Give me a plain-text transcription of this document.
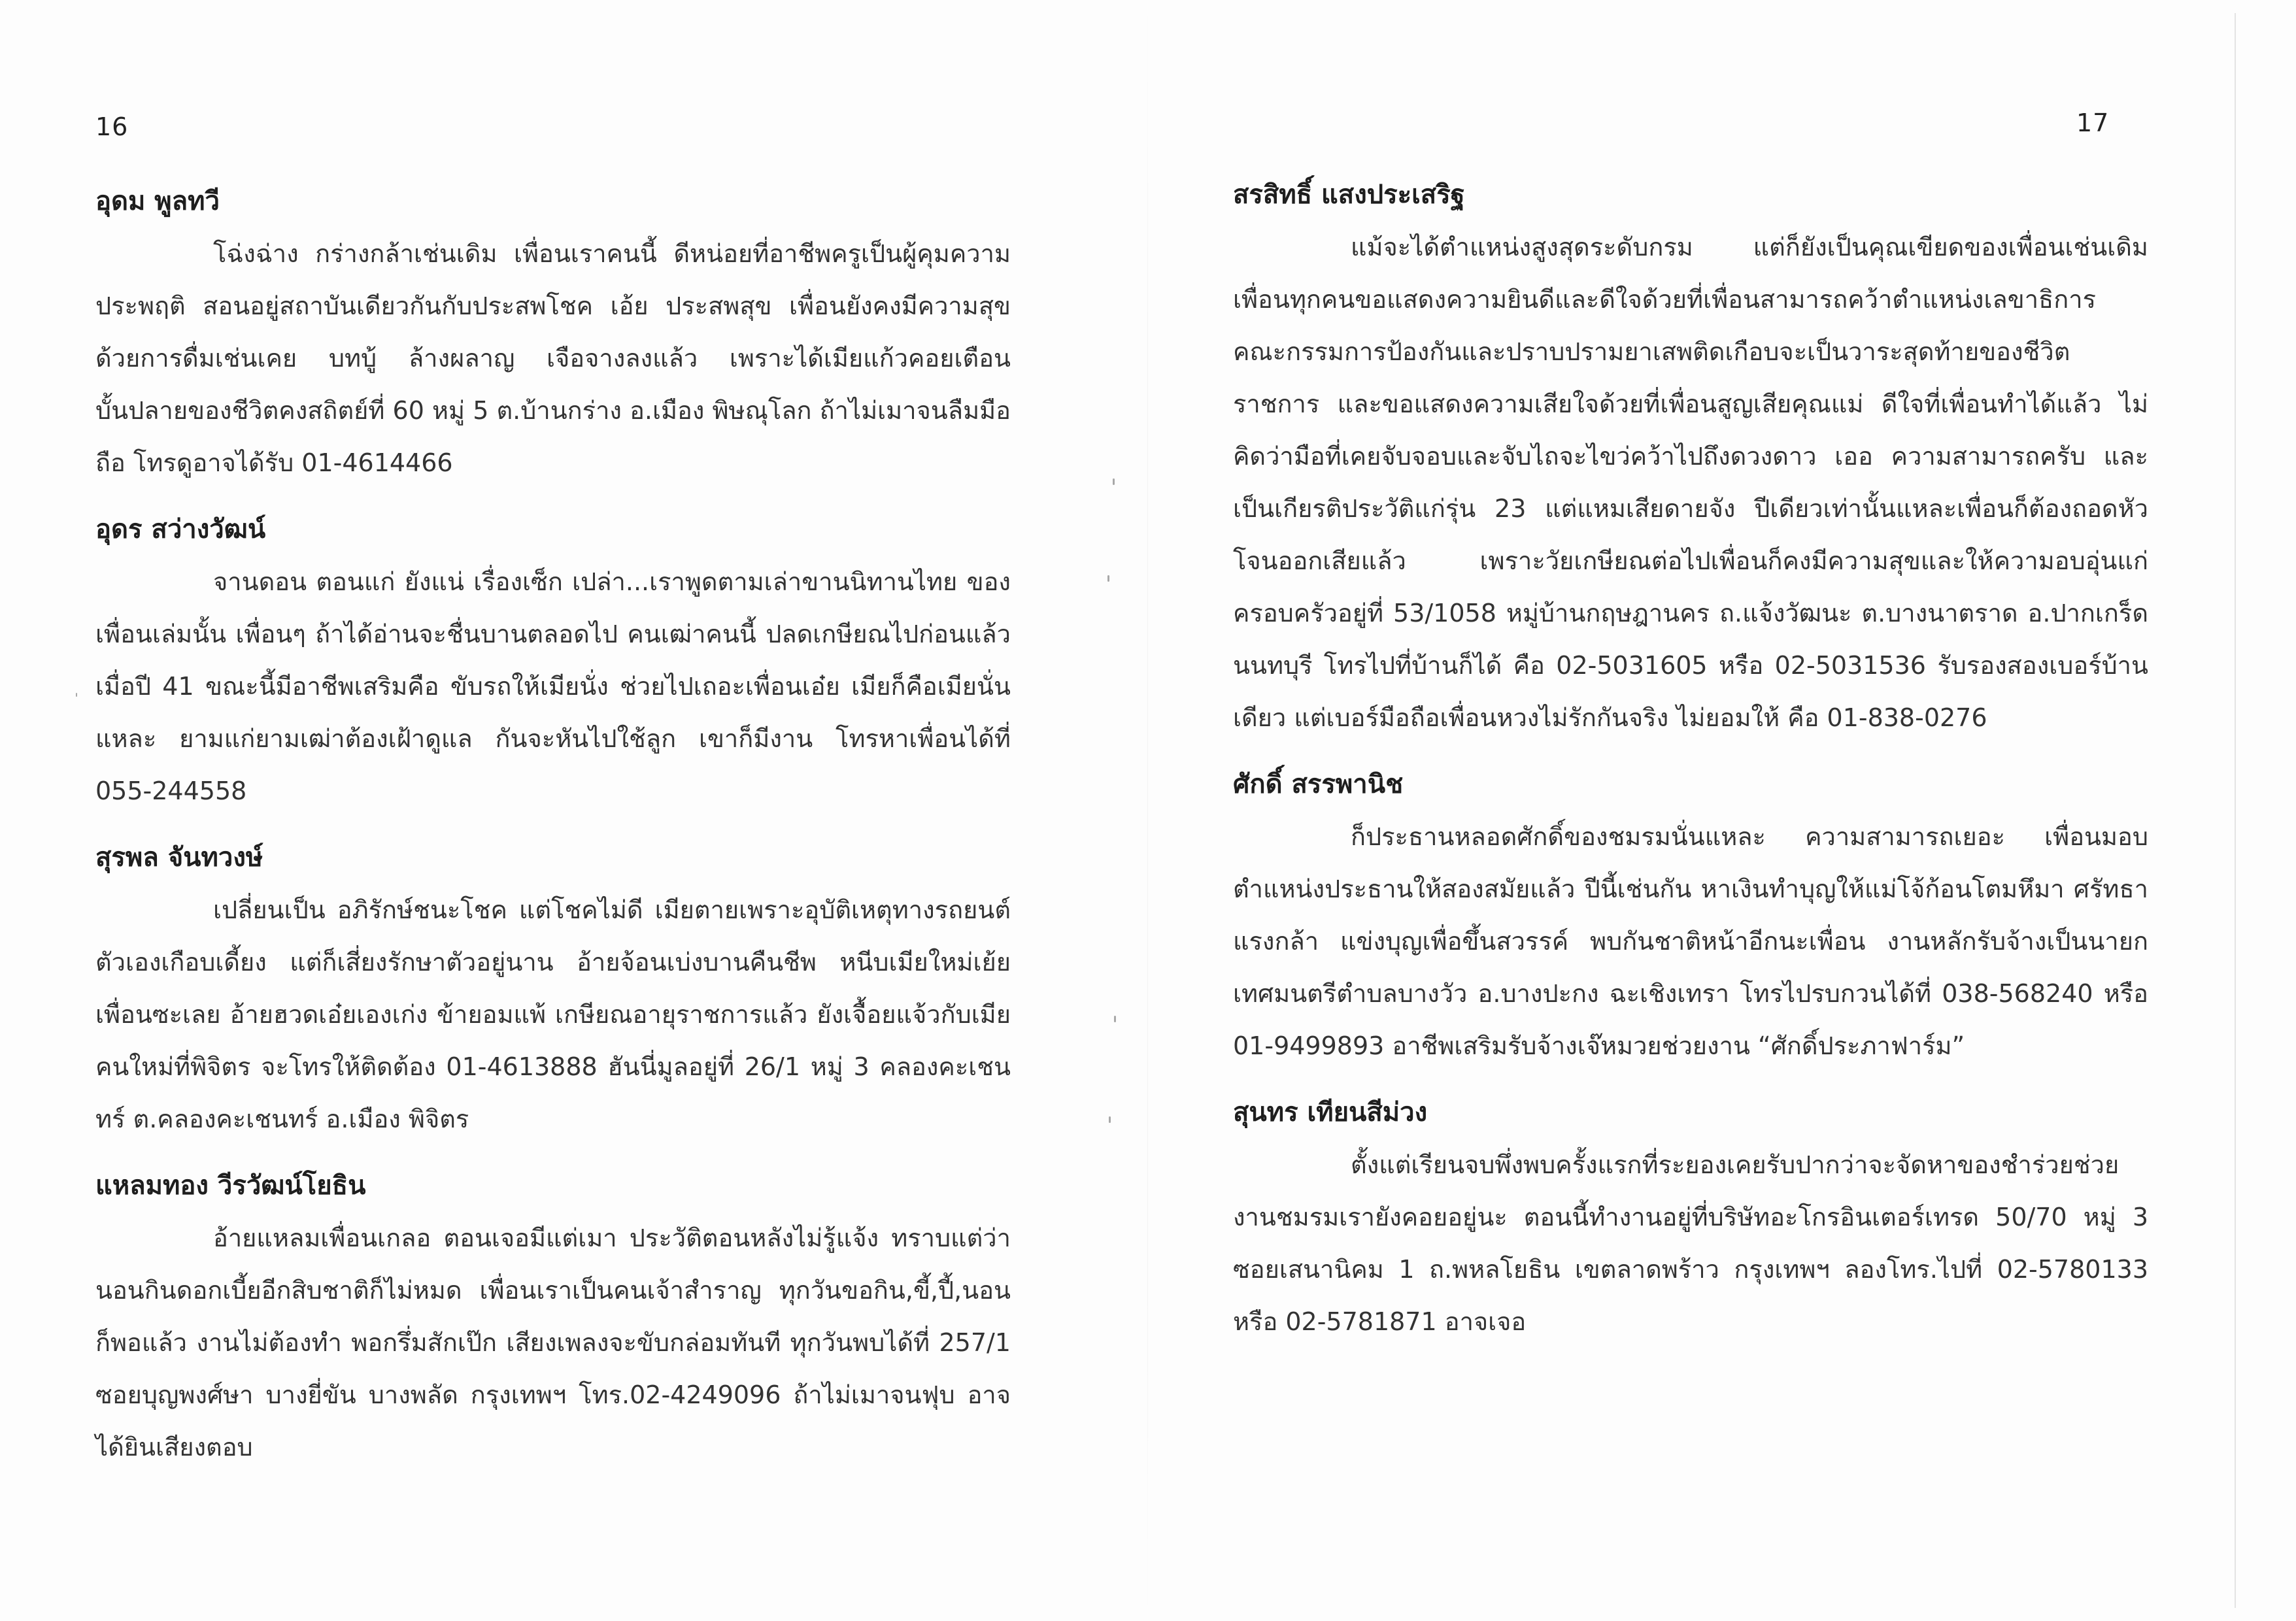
16

อุดม พูลทวี

โฉ่งฉ่าง กร่างกล้าเช่นเดิม เพื่อนเราคนนี้ ดีหน่อยที่อาชีพครูเป็นผู้คุมความประพฤติ สอนอยู่สถาบันเดียวกันกับประสพโชค เอ้ย ประสพสุข เพื่อนยังคงมีความสุขด้วยการดื่มเช่นเคย บทบู้ ล้างผลาญ เจือจางลงแล้ว เพราะได้เมียแก้วคอยเตือน บั้นปลายของชีวิตคงสถิตย์ที่ 60 หมู่ 5 ต.บ้านกร่าง อ.เมือง พิษณุโลก ถ้าไม่เมาจนลืมมือถือ โทรดูอาจได้รับ 01-4614466

อุดร สว่างวัฒน์

จานดอน ตอนแก่ ยังแน่ เรื่องเซ็ก เปล่า...เราพูดตามเล่าขานนิทานไทย ของเพื่อนเล่มนั้น เพื่อนๆ ถ้าได้อ่านจะชื่นบานตลอดไป คนเฒ่าคนนี้ ปลดเกษียณไปก่อนแล้ว เมื่อปี 41 ขณะนี้มีอาชีพเสริมคือ ขับรถให้เมียนั่ง ช่วยไปเถอะเพื่อนเอ๋ย เมียก็คือเมียนั่นแหละ ยามแก่ยามเฒ่าต้องเฝ้าดูแล กันจะหันไปใช้ลูก เขาก็มีงาน โทรหาเพื่อนได้ที่ 055-244558

สุรพล จันทวงษ์

เปลี่ยนเป็น อภิรักษ์ชนะโชค แต่โชคไม่ดี เมียตายเพราะอุบัติเหตุทางรถยนต์ ตัวเองเกือบเดี้ยง แต่ก็เสี่ยงรักษาตัวอยู่นาน อ้ายจ้อนเบ่งบานคืนชีพ หนีบเมียใหม่เย้ยเพื่อนซะเลย อ้ายฮวดเอ๋ยเองเก่ง ข้ายอมแพ้ เกษียณอายุราชการแล้ว ยังเจื้อยแจ้วกับเมียคนใหม่ที่พิจิตร จะโทรให้ติดต้อง 01-4613888 ฮันนี่มูลอยู่ที่ 26/1 หมู่ 3 คลองคะเชนทร์ ต.คลองคะเชนทร์ อ.เมือง พิจิตร

แหลมทอง วีรวัฒน์โยธิน

อ้ายแหลมเพื่อนเกลอ ตอนเจอมีแต่เมา ประวัติตอนหลังไม่รู้แจ้ง ทราบแต่ว่านอนกินดอกเบี้ยอีกสิบชาติก็ไม่หมด เพื่อนเราเป็นคนเจ้าสำราญ ทุกวันขอกิน,ขี้,ปี้,นอน ก็พอแล้ว งานไม่ต้องทำ พอกรึ่มสักเป๊ก เสียงเพลงจะขับกล่อมทันที ทุกวันพบได้ที่ 257/1 ซอยบุญพงศ์ษา บางยี่ขัน บางพลัด กรุงเทพฯ โทร.02-4249096 ถ้าไม่เมาจนฟุบ อาจได้ยินเสียงตอบ

17

สรสิทธิ์ แสงประเสริฐ

แม้จะได้ตำแหน่งสูงสุดระดับกรม แต่ก็ยังเป็นคุณเขียดของเพื่อนเช่นเดิม เพื่อนทุกคนขอแสดงความยินดีและดีใจด้วยที่เพื่อนสามารถคว้าตำแหน่งเลขาธิการคณะกรรมการป้องกันและปราบปรามยาเสพติดเกือบจะเป็นวาระสุดท้ายของชีวิตราชการ และขอแสดงความเสียใจด้วยที่เพื่อนสูญเสียคุณแม่ ดีใจที่เพื่อนทำได้แล้ว ไม่คิดว่ามือที่เคยจับจอบและจับไถจะไขว่คว้าไปถึงดวงดาว เออ ความสามารถครับ และเป็นเกียรติประวัติแก่รุ่น 23 แต่แหมเสียดายจัง ปีเดียวเท่านั้นแหละเพื่อนก็ต้องถอดหัวโจนออกเสียแล้ว เพราะวัยเกษียณต่อไปเพื่อนก็คงมีความสุขและให้ความอบอุ่นแก่ครอบครัวอยู่ที่ 53/1058 หมู่บ้านกฤษฎานคร ถ.แจ้งวัฒนะ ต.บางนาตราด อ.ปากเกร็ด นนทบุรี โทรไปที่บ้านก็ได้ คือ 02-5031605 หรือ 02-5031536 รับรองสองเบอร์บ้านเดียว แต่เบอร์มือถือเพื่อนหวงไม่รักกันจริง ไม่ยอมให้ คือ 01-838-0276

ศักดิ์ สรรพานิช

ก็ประธานหลอดศักดิ์ของชมรมนั่นแหละ ความสามารถเยอะ เพื่อนมอบตำแหน่งประธานให้สองสมัยแล้ว ปีนี้เช่นกัน หาเงินทำบุญให้แม่โจ้ก้อนโตมหึมา ศรัทธาแรงกล้า แข่งบุญเพื่อขึ้นสวรรค์ พบกันชาติหน้าอีกนะเพื่อน งานหลักรับจ้างเป็นนายกเทศมนตรีตำบลบางวัว อ.บางปะกง ฉะเชิงเทรา โทรไปรบกวนได้ที่ 038-568240 หรือ 01-9499893 อาชีพเสริมรับจ้างเจ๊หมวยช่วยงาน “ศักดิ์ประภาฟาร์ม”

สุนทร เทียนสีม่วง

ตั้งแต่เรียนจบพึ่งพบครั้งแรกที่ระยองเคยรับปากว่าจะจัดหาของชำร่วยช่วยงานชมรมเรายังคอยอยู่นะ ตอนนี้ทำงานอยู่ที่บริษัทอะโกรอินเตอร์เทรด 50/70 หมู่ 3 ซอยเสนานิคม 1 ถ.พหลโยธิน เขตลาดพร้าว กรุงเทพฯ ลองโทร.ไปที่ 02-5780133 หรือ 02-5781871 อาจเจอ
